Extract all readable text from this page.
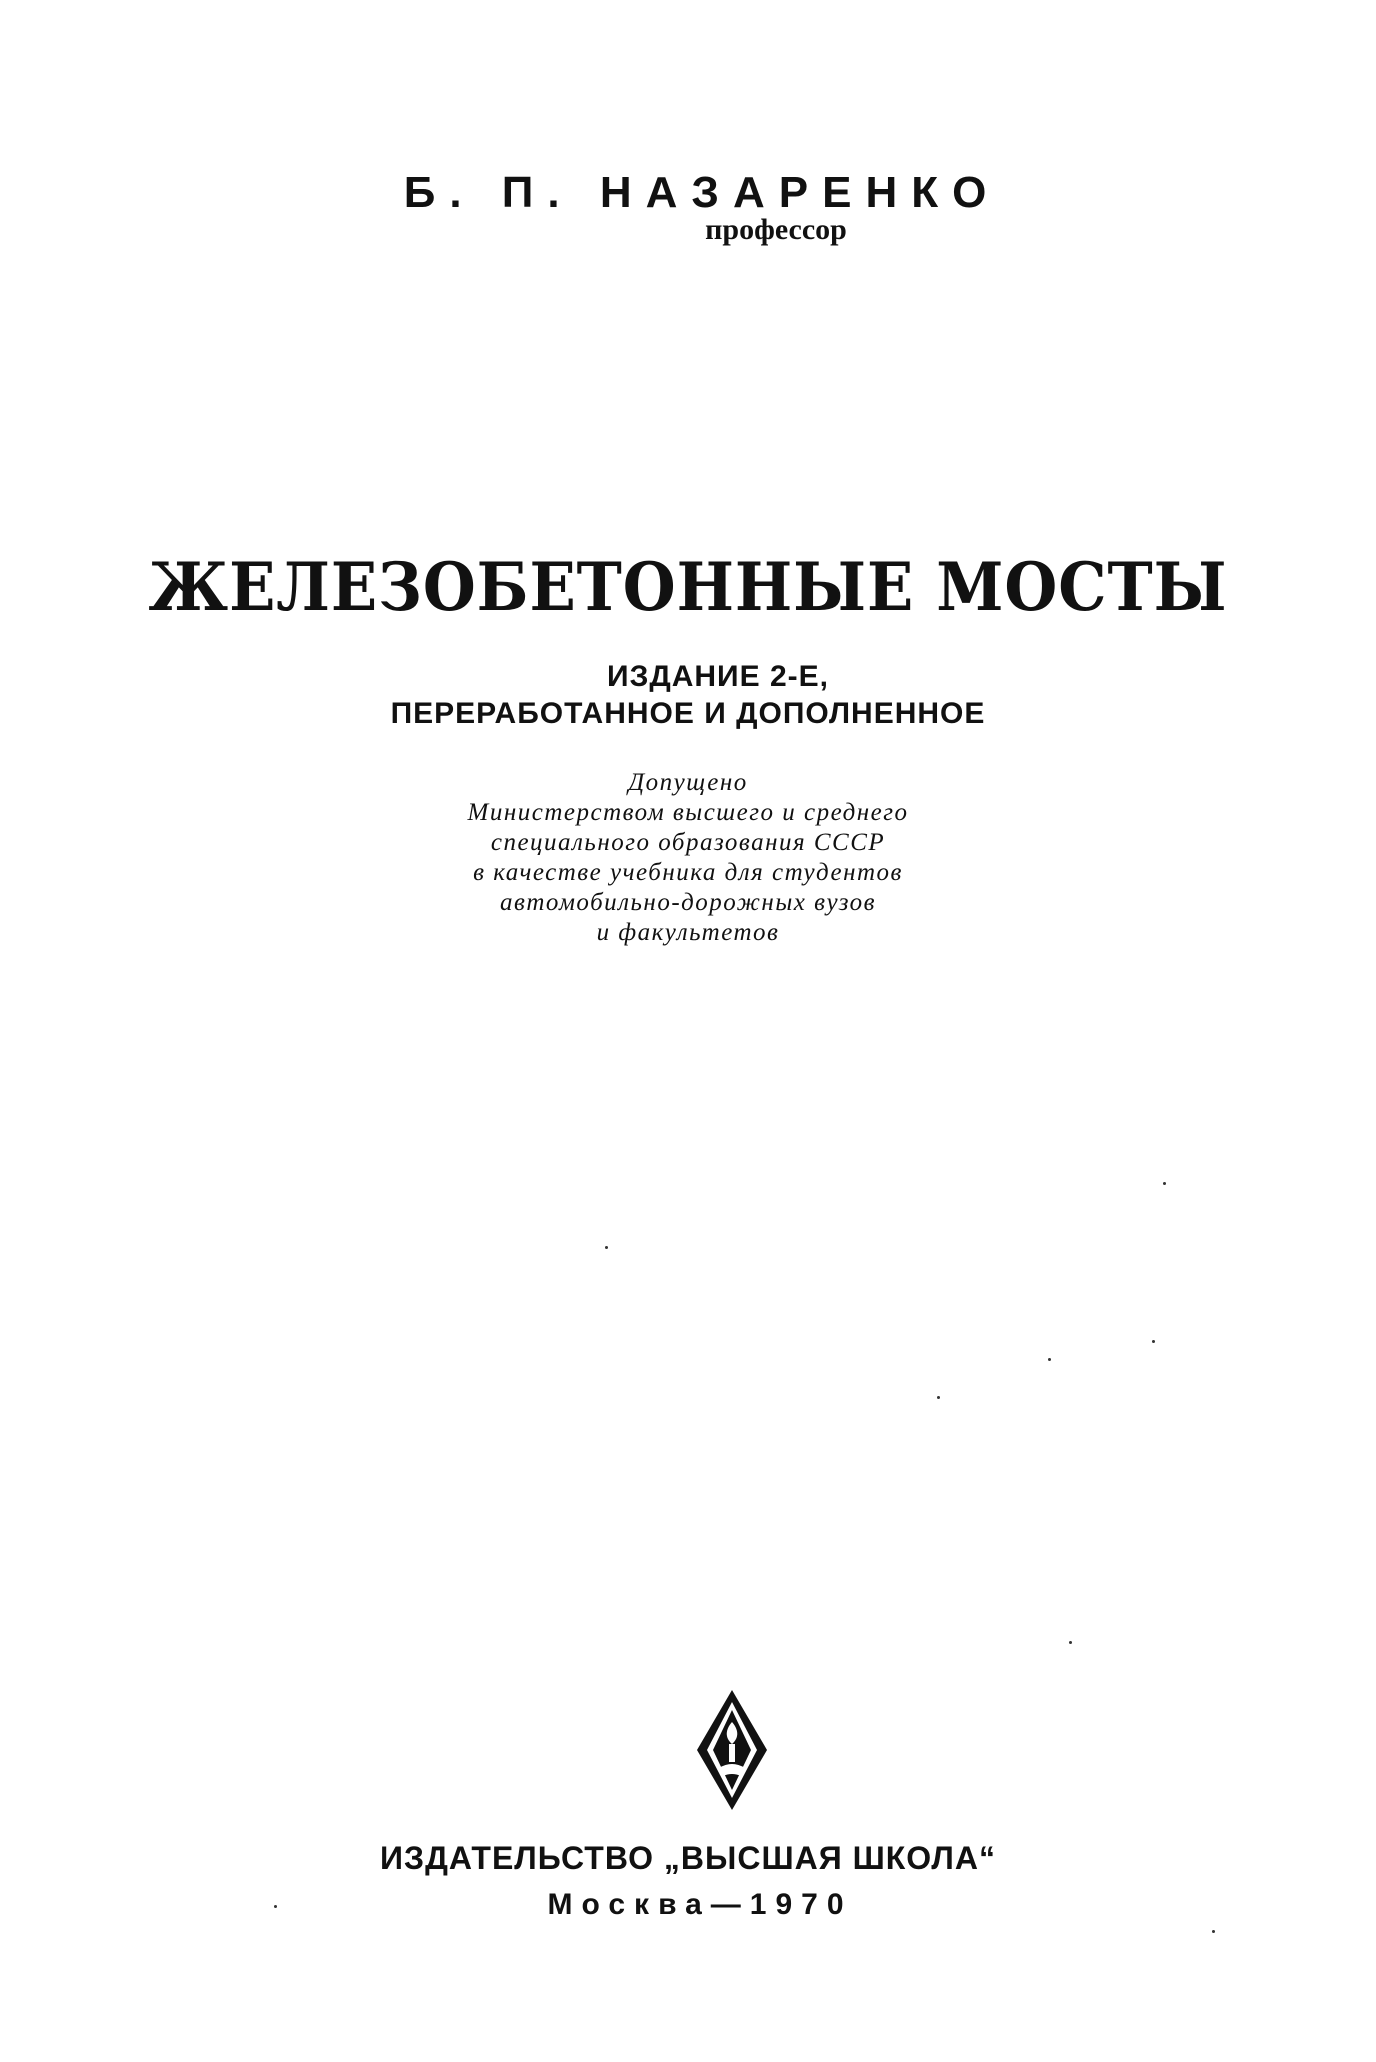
Б. П. НАЗАРЕНКО
профессор
ЖЕЛЕЗОБЕТОННЫЕ МОСТЫ
ИЗДАНИЕ 2-Е,
ПЕРЕРАБОТАННОЕ И ДОПОЛНЕННОЕ
Допущено
Министерством высшего и среднего
специального образования СССР
в качестве учебника для студентов
автомобильно-дорожных вузов
и факультетов
ИЗДАТЕЛЬСТВО „ВЫСШАЯ ШКОЛА“
Москва—1970
